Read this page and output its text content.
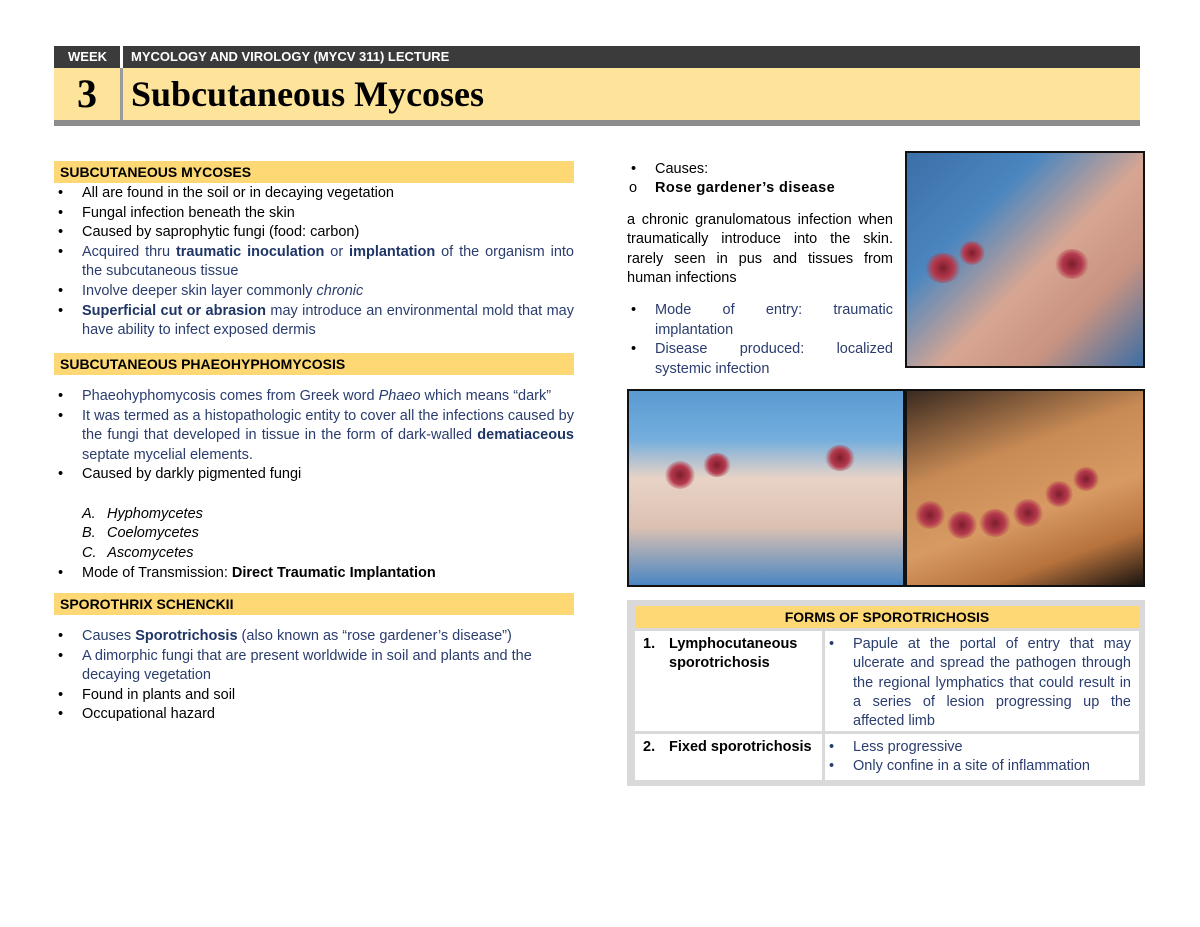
WEEK	MYCOLOGY AND VIROLOGY (MYCV 311) LECTURE
3 Subcutaneous Mycoses
SUBCUTANEOUS MYCOSES
• All are found in the soil or in decaying vegetation
• Fungal infection beneath the skin
• Caused by saprophytic fungi (food: carbon)
• Acquired thru traumatic inoculation or implantation of the organism into the subcutaneous tissue
• Involve deeper skin layer commonly chronic
• Superficial cut or abrasion may introduce an environmental mold that may have ability to infect exposed dermis
SUBCUTANEOUS PHAEOHYPHOMYCOSIS
• Phaeohyphomycosis comes from Greek word Phaeo which means “dark”
• It was termed as a histopathologic entity to cover all the infections caused by the fungi that developed in tissue in the form of dark-walled dematiaceous septate mycelial elements.
• Caused by darkly pigmented fungi
A.  Hyphomycetes
B.  Coelomycetes
C.  Ascomycetes
• Mode of Transmission: Direct Traumatic Implantation
SPOROTHRIX SCHENCKII
• Causes Sporotrichosis (also known as “rose gardener’s disease”)
• A dimorphic fungi that are present worldwide in soil and plants and the decaying vegetation
• Found in plants and soil
• Occupational hazard
• Causes:
o Rose gardener’s disease
a chronic granulomatous infection when traumatically introduce into the skin. rarely seen in pus and tissues from human infections
• Mode of entry: traumatic implantation
• Disease produced: localized systemic infection
FORMS OF SPOROTRICHOSIS
1. Lymphocutaneous sporotrichosis
• Papule at the portal of entry that may ulcerate and spread the pathogen through the regional lymphatics that could result in a series of lesion progressing up the affected limb
2. Fixed sporotrichosis
•	Less progressive
• Only confine in a site of inflammation
